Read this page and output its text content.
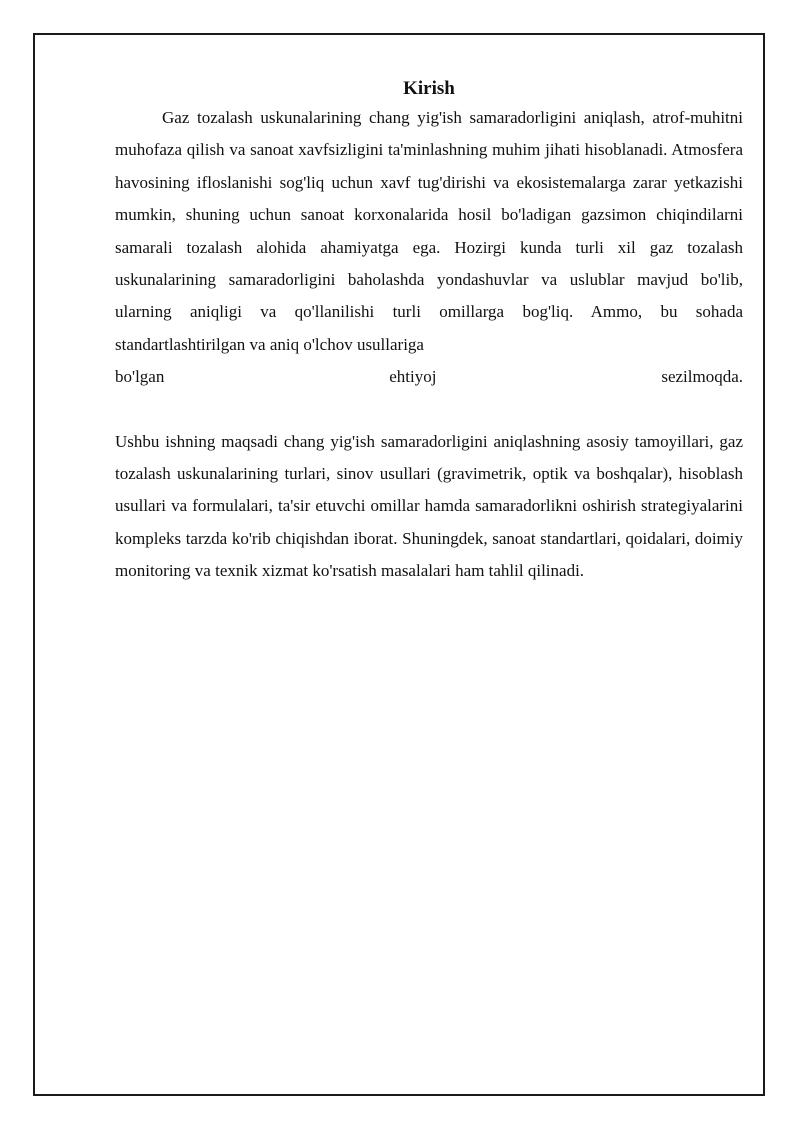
Kirish

Gaz tozalash uskunalarining chang yig'ish samaradorligini aniqlash, atrof-muhitni muhofaza qilish va sanoat xavfsizligini ta'minlashning muhim jihati hisoblanadi. Atmosfera havosining ifloslanishi sog'liq uchun xavf tug'dirishi va ekosistemalarga zarar yetkazishi mumkin, shuning uchun sanoat korxonalarida hosil bo'ladigan gazsimon chiqindilarni samarali tozalash alohida ahamiyatga ega. Hozirgi kunda turli xil gaz tozalash uskunalarining samaradorligini baholashda yondashuvlar va uslublar mavjud bo'lib, ularning aniqligi va qo'llanilishi turli omillarga bog'liq. Ammo, bu sohada standartlashtirilgan va aniq o'lchov usullariga

bo'lgan ehtiyoj sezilmoqda.

Ushbu ishning maqsadi chang yig'ish samaradorligini aniqlashning asosiy tamoyillari, gaz tozalash uskunalarining turlari, sinov usullari (gravimetrik, optik va boshqalar), hisoblash usullari va formulalari, ta'sir etuvchi omillar hamda samaradorlikni oshirish strategiyalarini kompleks tarzda ko'rib chiqishdan iborat. Shuningdek, sanoat standartlari, qoidalari, doimiy monitoring va texnik xizmat ko'rsatish masalalari ham tahlil qilinadi.
